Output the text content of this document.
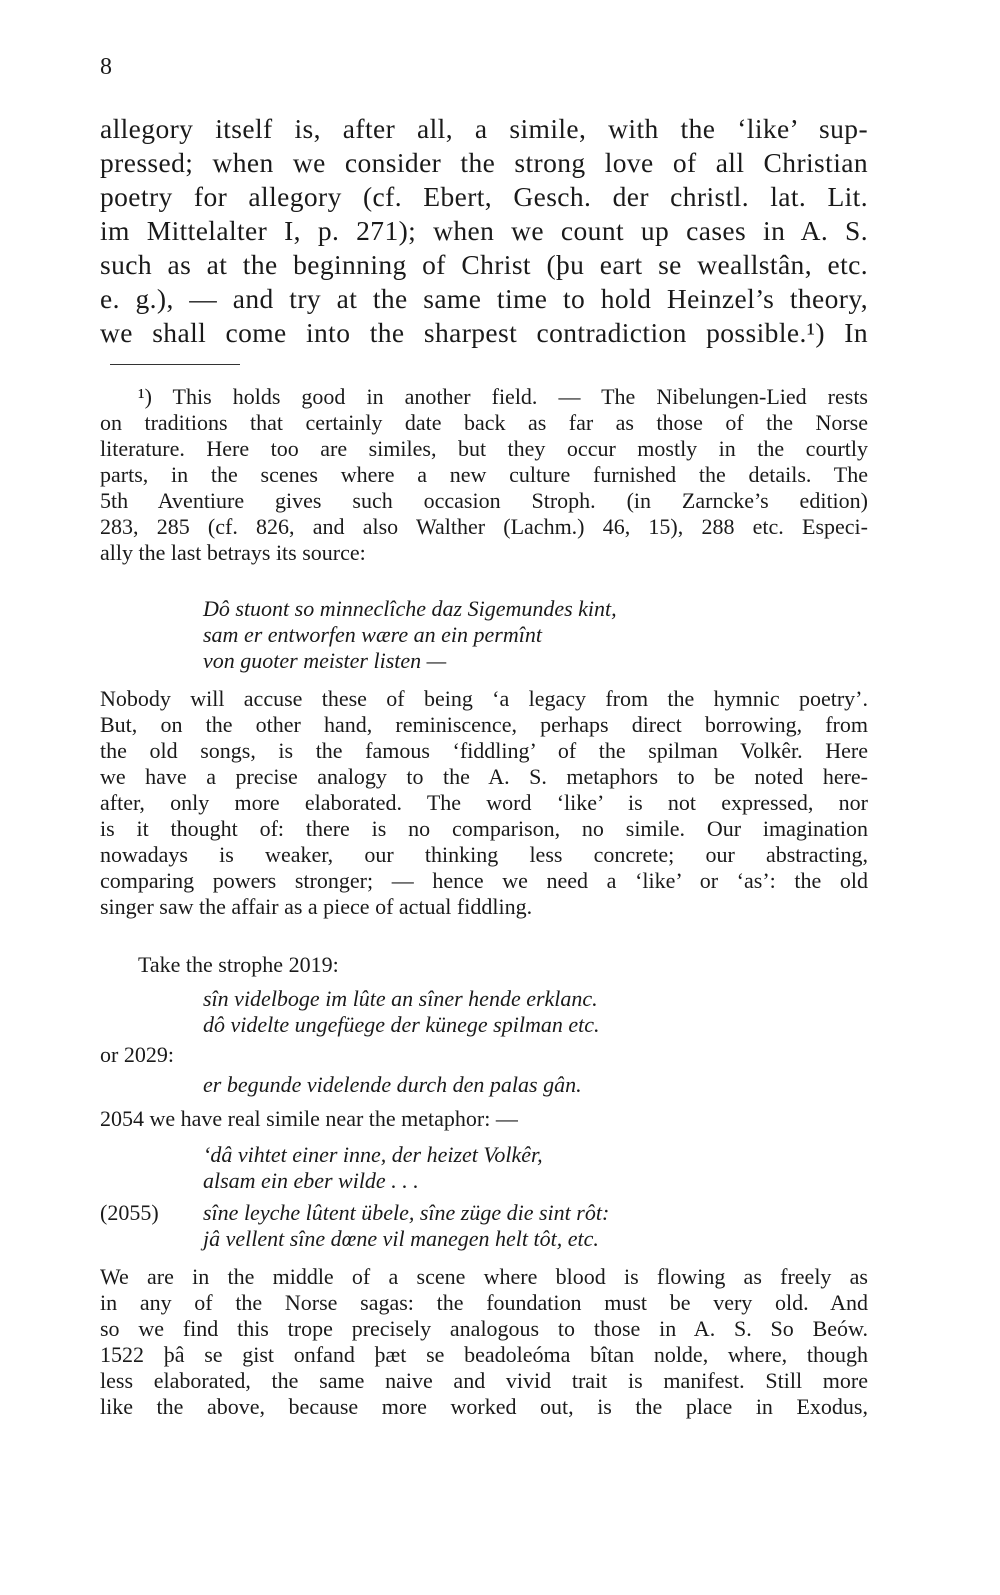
8
allegory itself is, after all, a simile, with the ‘like’ sup-
pressed; when we consider the strong love of all Christian
poetry for allegory (cf. Ebert, Gesch. der christl. lat. Lit.
im Mittelalter I, p. 271); when we count up cases in A. S.
such as at the beginning of Christ (þu eart se weallstân, etc.
e. g.), — and try at the same time to hold Heinzel’s theory,
we shall come into the sharpest contradiction possible.¹) In
¹) This holds good in another field. — The Nibelungen-Lied rests
on traditions that certainly date back as far as those of the Norse
literature. Here too are similes, but they occur mostly in the courtly
parts, in the scenes where a new culture furnished the details. The
5th Aventiure gives such occasion Stroph. (in Zarncke’s edition)
283, 285 (cf. 826, and also Walther (Lachm.) 46, 15), 288 etc. Especi-
ally the last betrays its source:
Dô stuont so minneclîche daz Sigemundes kint,
sam er entworfen wære an ein permînt
von guoter meister listen —
Nobody will accuse these of being ‘a legacy from the hymnic poetry’.
But, on the other hand, reminiscence, perhaps direct borrowing, from
the old songs, is the famous ‘fiddling’ of the spilman Volkêr. Here
we have a precise analogy to the A. S. metaphors to be noted here-
after, only more elaborated. The word ‘like’ is not expressed, nor
is it thought of: there is no comparison, no simile. Our imagination
nowadays is weaker, our thinking less concrete; our abstracting,
comparing powers stronger; — hence we need a ‘like’ or ‘as’: the old
singer saw the affair as a piece of actual fiddling.
Take the strophe 2019:
sîn videlboge im lûte an sîner hende erklanc.
dô videlte ungefüege der künege spilman etc.
or 2029:
er begunde videlende durch den palas gân.
2054 we have real simile near the metaphor: —
‘dâ vihtet einer inne, der heizet Volkêr,
alsam ein eber wilde . . .
(2055)	sîne leyche lûtent übele, sîne züge die sint rôt:
jâ vellent sîne dœne vil manegen helt tôt, etc.
We are in the middle of a scene where blood is flowing as freely as
in any of the Norse sagas: the foundation must be very old. And
so we find this trope precisely analogous to those in A. S. So Beów.
1522 þâ se gist onfand þæt se beadoleóma bîtan nolde, where, though
less elaborated, the same naive and vivid trait is manifest. Still more
like the above, because more worked out, is the place in Exodus,
